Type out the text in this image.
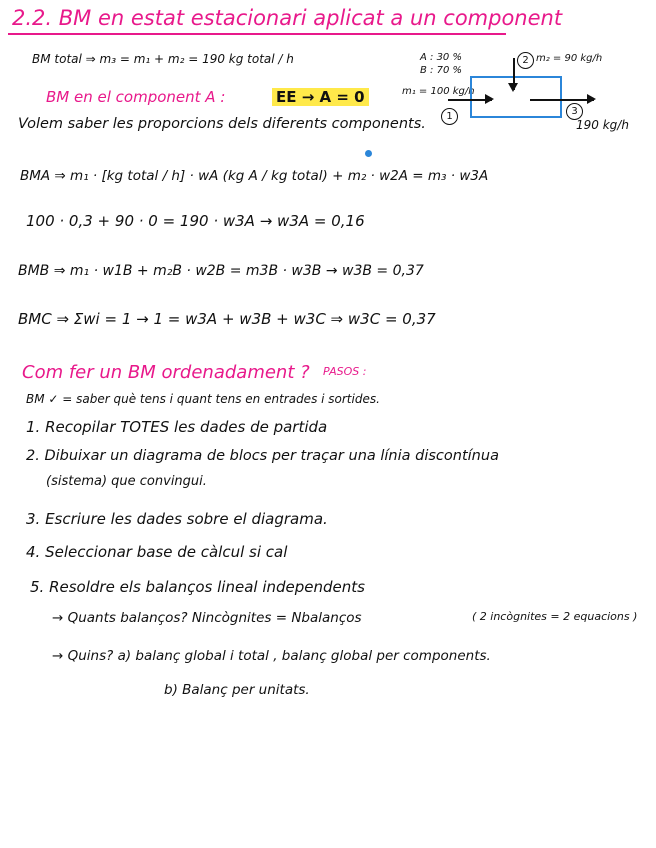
2.2. BM en estat estacionari aplicat a un component
A : 30 %
B : 70 %
m₁ = 100 kg/h
m₂ = 90 kg/h
190 kg/h
1
2
3
BM total ⇒ m₃ = m₁ + m₂ = 190 kg total / h
BM en el component A :	EE → A = 0
Volem saber les proporcions dels diferents components.
BMA ⇒ m₁ · [kg total / h] · wA (kg A / kg total) + m₂ · w2A = m₃ · w3A
100 · 0,3 + 90 · 0 = 190 · w3A → w3A = 0,16
BMB ⇒ m₁ · w1B + m₂B · w2B = m3B · w3B → w3B = 0,37
BMC ⇒ Σwi = 1 → 1 = w3A + w3B + w3C ⇒ w3C = 0,37
Com fer un BM ordenadament ? PASOS :
BM ✓ = saber què tens i quant tens en entrades i sortides.
1. Recopilar TOTES les dades de partida
2. Dibuixar un diagrama de blocs per traçar una línia discontínua
(sistema) que convingui.
3. Escriure les dades sobre el diagrama.
4. Seleccionar base de càlcul si cal
5. Resoldre els balanços lineal independents
→ Quants balanços? Nincògnites = Nbalanços	( 2 incògnites = 2 equacions )
→ Quins? a) balanç global i total , balanç global per components.
b) Balanç per unitats.
